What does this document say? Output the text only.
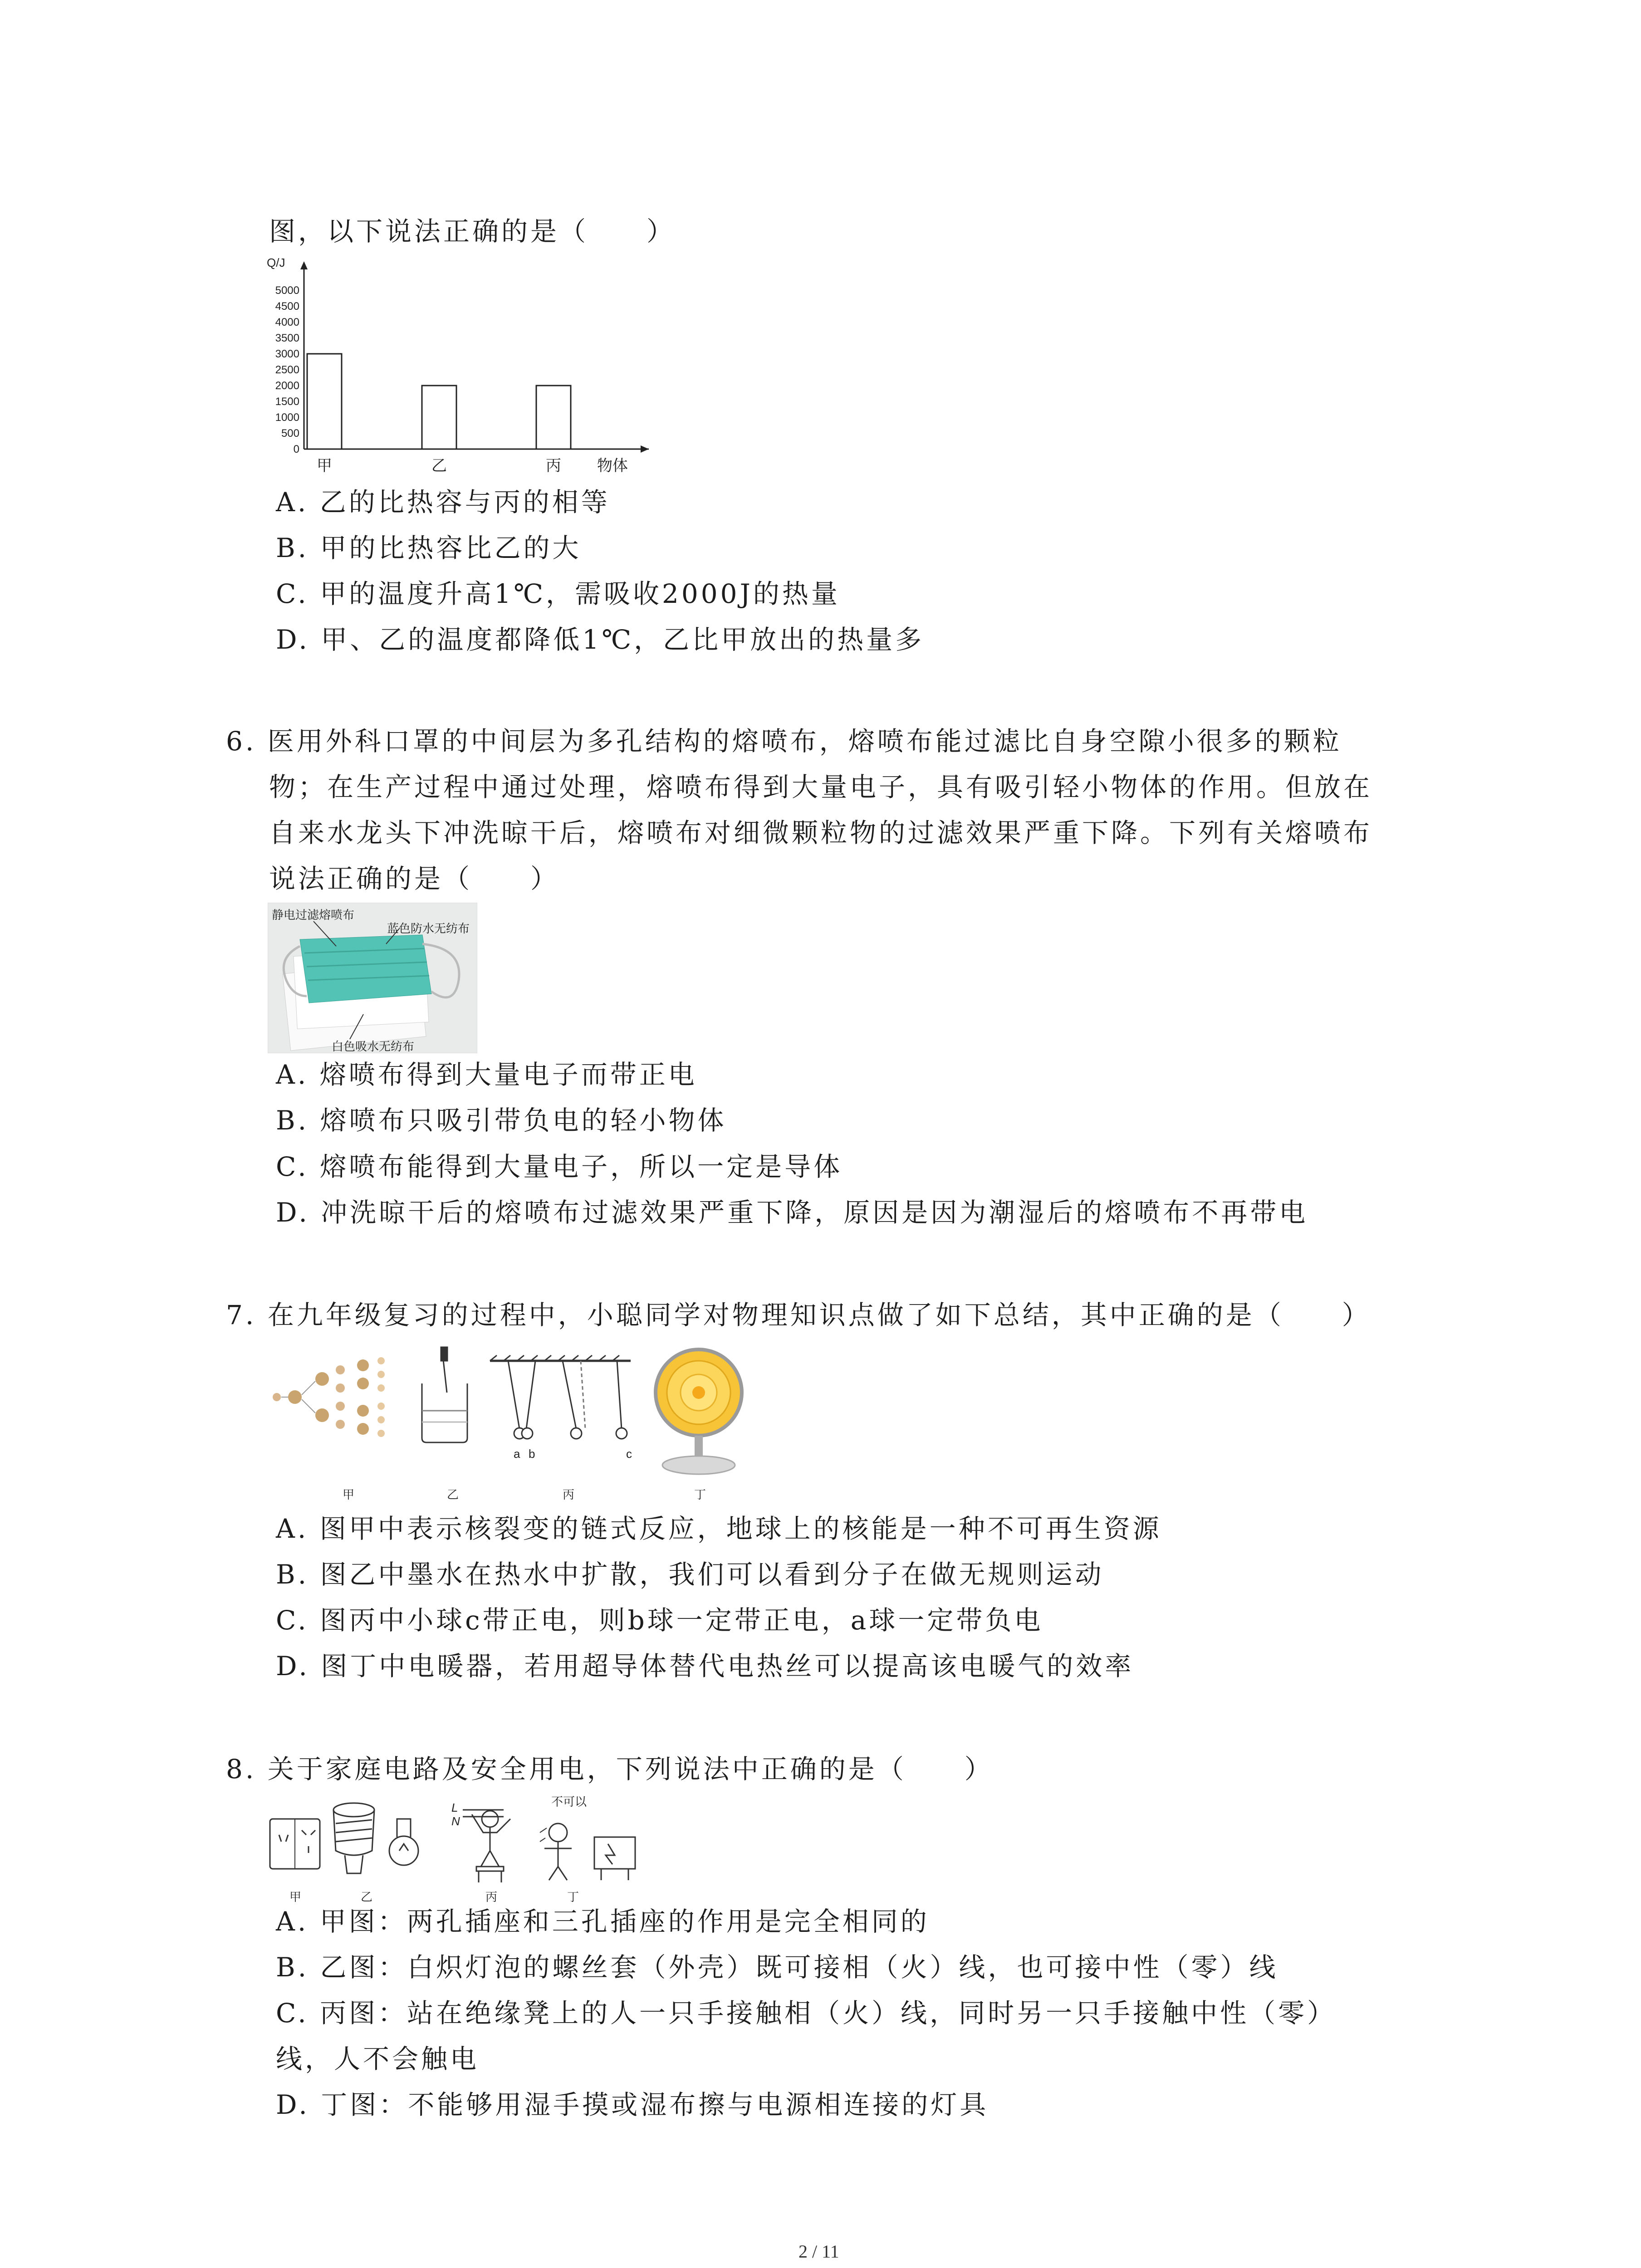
图，以下说法正确的是（　　）
Q/J
0
500
1000
1500
2000
2500
3000
3500
4000
4500
5000
甲	乙	丙 物体
A. 乙的比热容与丙的相等
B. 甲的比热容比乙的大
C. 甲的温度升高1℃，需吸收2000J的热量
D. 甲、乙的温度都降低1℃，乙比甲放出的热量多
6. 医用外科口罩的中间层为多孔结构的熔喷布，熔喷布能过滤比自身空隙小很多的颗粒
物；在生产过程中通过处理，熔喷布得到大量电子，具有吸引轻小物体的作用。但放在
自来水龙头下冲洗晾干后，熔喷布对细微颗粒物的过滤效果严重下降。下列有关熔喷布
说法正确的是（　　）
静电过滤熔喷布
蓝色防水无纺布
白色吸水无纺布
A. 熔喷布得到大量电子而带正电
B. 熔喷布只吸引带负电的轻小物体
C. 熔喷布能得到大量电子，所以一定是导体
D. 冲洗晾干后的熔喷布过滤效果严重下降，原因是因为潮湿后的熔喷布不再带电
7. 在九年级复习的过程中，小聪同学对物理知识点做了如下总结，其中正确的是（　　）
a b	c
甲	乙	丙	丁
A. 图甲中表示核裂变的链式反应，地球上的核能是一种不可再生资源
B. 图乙中墨水在热水中扩散，我们可以看到分子在做无规则运动
C. 图丙中小球c带正电，则b球一定带正电，a球一定带负电
D. 图丁中电暖器，若用超导体替代电热丝可以提高该电暖气的效率
8. 关于家庭电路及安全用电，下列说法中正确的是（　　）
L
N
不可以
甲	乙	丙	丁
A. 甲图：两孔插座和三孔插座的作用是完全相同的
B. 乙图：白炽灯泡的螺丝套（外壳）既可接相（火）线，也可接中性（零）线
C. 丙图：站在绝缘凳上的人一只手接触相（火）线，同时另一只手接触中性（零）
线，人不会触电
D. 丁图：不能够用湿手摸或湿布擦与电源相连接的灯具
2 / 11
